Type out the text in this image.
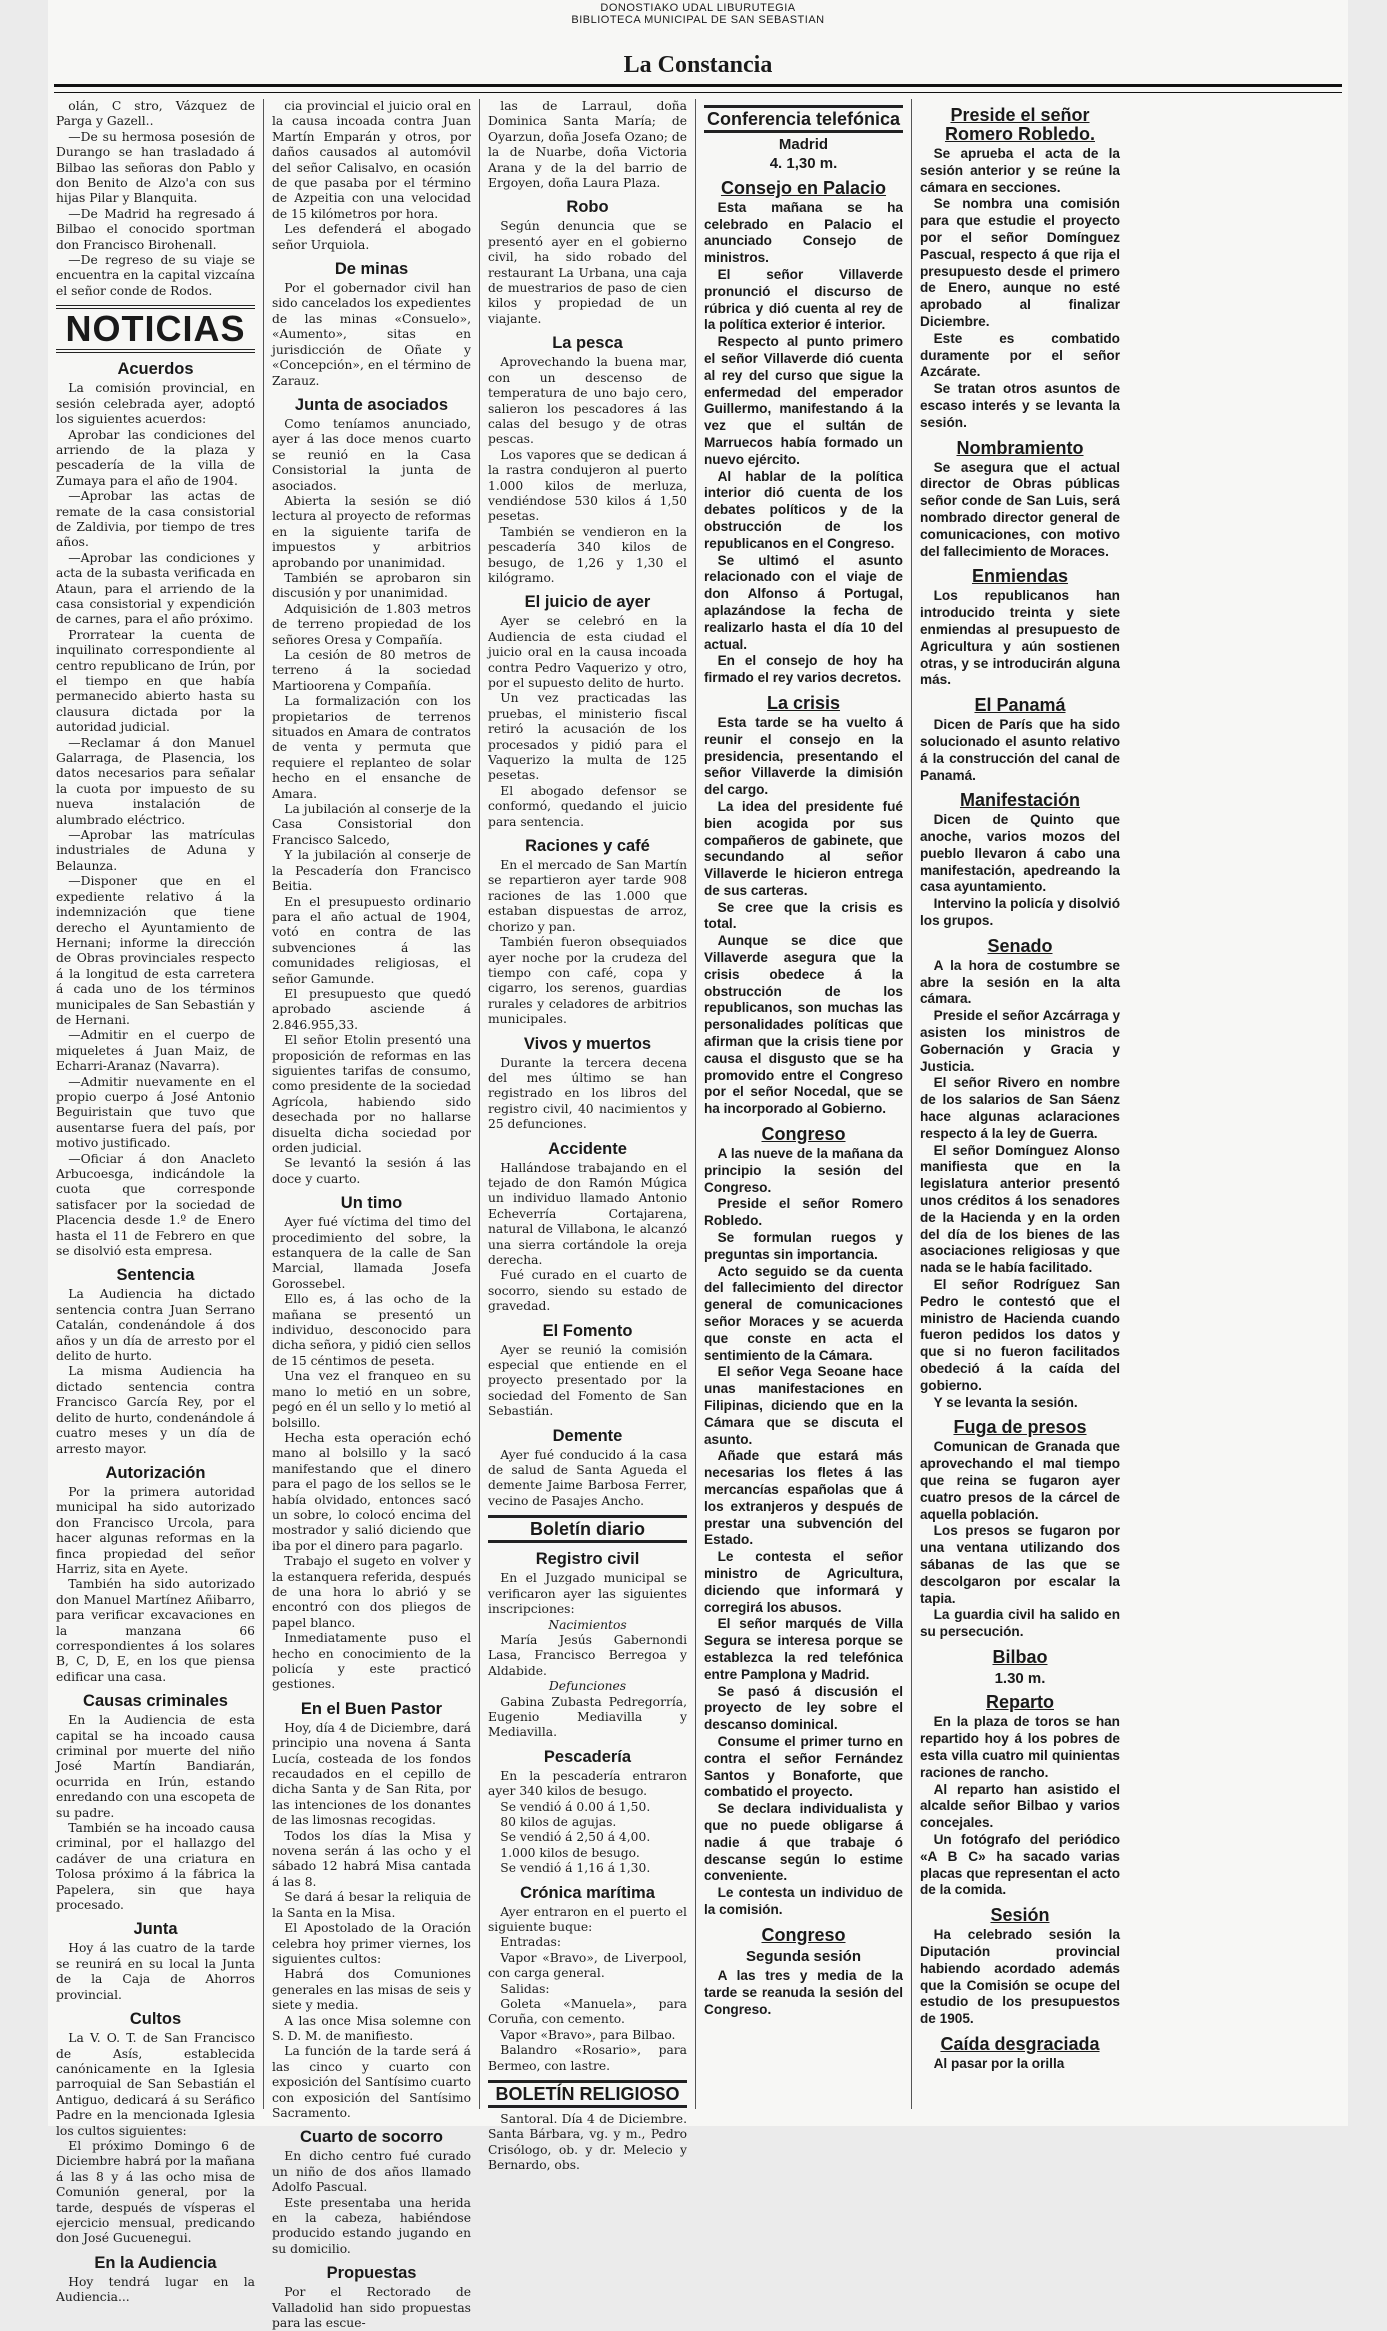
DONOSTIAKO UDAL LIBURUTEGIA
BIBLIOTECA MUNICIPAL DE SAN SEBASTIAN
La Constancia

olán, C stro, Vázquez de Parga y Gazell..

—De su hermosa posesión de Durango se han trasladado á Bilbao las señoras don Pablo y don Benito de Alzo'a con sus hijas Pilar y Blanquita.

—De Madrid ha regresado á Bilbao el conocido sportman don Francisco Birohenall.

—De regreso de su viaje se encuentra en la capital vizcaína el señor conde de Rodos.

NOTICIAS
Acuerdos

La comisión provincial, en sesión celebrada ayer, adoptó los siguientes acuerdos:

Aprobar las condiciones del arriendo de la plaza y pescadería de la villa de Zumaya para el año de 1904.

—Aprobar las actas de remate de la casa consistorial de Zaldivia, por tiempo de tres años.

—Aprobar las condiciones y acta de la subasta verificada en Ataun, para el arriendo de la casa consistorial y expendición de carnes, para el año próximo.

Prorratear la cuenta de inquilinato correspondiente al centro republicano de Irún, por el tiempo en que había permanecido abierto hasta su clausura dictada por la autoridad judicial.

—Reclamar á don Manuel Galarraga, de Plasencia, los datos necesarios para señalar la cuota por impuesto de su nueva instalación de alumbrado eléctrico.

—Aprobar las matrículas industriales de Aduna y Belaunza.

—Disponer que en el expediente relativo á la indemnización que tiene derecho el Ayuntamiento de Hernani; informe la dirección de Obras provinciales respecto á la longitud de esta carretera á cada uno de los términos municipales de San Sebastián y de Hernani.

—Admitir en el cuerpo de miqueletes á Juan Maiz, de Echarri-Aranaz (Navarra).

—Admitir nuevamente en el propio cuerpo á José Antonio Beguiristain que tuvo que ausentarse fuera del país, por motivo justificado.

—Oficiar á don Anacleto Arbucoesga, indicándole la cuota que corresponde satisfacer por la sociedad de Placencia desde 1.º de Enero hasta el 11 de Febrero en que se disolvió esta empresa.

Sentencia

La Audiencia ha dictado sentencia contra Juan Serrano Catalán, condenándole á dos años y un día de arresto por el delito de hurto.

La misma Audiencia ha dictado sentencia contra Francisco García Rey, por el delito de hurto, condenándole á cuatro meses y un día de arresto mayor.

Autorización

Por la primera autoridad municipal ha sido autorizado don Francisco Urcola, para hacer algunas reformas en la finca propiedad del señor Harriz, sita en Ayete.

También ha sido autorizado don Manuel Martínez Añibarro, para verificar excavaciones en la manzana 66 correspondientes á los solares B, C, D, E, en los que piensa edificar una casa.

Causas criminales

En la Audiencia de esta capital se ha incoado causa criminal por muerte del niño José Martín Bandiarán, ocurrida en Irún, estando enredando con una escopeta de su padre.

También se ha incoado causa criminal, por el hallazgo del cadáver de una criatura en Tolosa próximo á la fábrica la Papelera, sin que haya procesado.

Junta

Hoy á las cuatro de la tarde se reunirá en su local la Junta de la Caja de Ahorros provincial.

Cultos

La V. O. T. de San Francisco de Asís, establecida canónicamente en la Iglesia parroquial de San Sebastián el Antiguo, dedicará á su Seráfico Padre en la mencionada Iglesia los cultos siguientes:

El próximo Domingo 6 de Diciembre habrá por la mañana á las 8 y á las ocho misa de Comunión general, por la tarde, después de vísperas el ejercicio mensual, predicando don José Gucuenegui.

En la Audiencia

Hoy tendrá lugar en la Audiencia...

cia provincial el juicio oral en la causa incoada contra Juan Martín Emparán y otros, por daños causados al automóvil del señor Calisalvo, en ocasión de que pasaba por el término de Azpeitia con una velocidad de 15 kilómetros por hora.

Les defenderá el abogado señor Urquiola.

De minas

Por el gobernador civil han sido cancelados los expedientes de las minas «Consuelo», «Aumento», sitas en jurisdicción de Oñate y «Concepción», en el término de Zarauz.

Junta de asociados

Como teníamos anunciado, ayer á las doce menos cuarto se reunió en la Casa Consistorial la junta de asociados.

Abierta la sesión se dió lectura al proyecto de reformas en la siguiente tarifa de impuestos y arbitrios aprobando por unanimidad.

También se aprobaron sin discusión y por unanimidad.

Adquisición de 1.803 metros de terreno propiedad de los señores Oresa y Compañía.

La cesión de 80 metros de terreno á la sociedad Martioorena y Compañía.

La formalización con los propietarios de terrenos situados en Amara de contratos de venta y permuta que requiere el replanteo de solar hecho en el ensanche de Amara.

La jubilación al conserje de la Casa Consistorial don Francisco Salcedo,

Y la jubilación al conserje de la Pescadería don Francisco Beitia.

En el presupuesto ordinario para el año actual de 1904, votó en contra de las subvenciones á las comunidades religiosas, el señor Gamunde.

El presupuesto que quedó aprobado asciende á 2.846.955,33.

El señor Etolin presentó una proposición de reformas en las siguientes tarifas de consumo, como presidente de la sociedad Agrícola, habiendo sido desechada por no hallarse disuelta dicha sociedad por orden judicial.

Se levantó la sesión á las doce y cuarto.

Un timo

Ayer fué víctima del timo del procedimiento del sobre, la estanquera de la calle de San Marcial, llamada Josefa Gorossebel.

Ello es, á las ocho de la mañana se presentó un individuo, desconocido para dicha señora, y pidió cien sellos de 15 céntimos de peseta.

Una vez el franqueo en su mano lo metió en un sobre, pegó en él un sello y lo metió al bolsillo.

Hecha esta operación echó mano al bolsillo y la sacó manifestando que el dinero para el pago de los sellos se le había olvidado, entonces sacó un sobre, lo colocó encima del mostrador y salió diciendo que iba por el dinero para pagarlo.

Trabajo el sugeto en volver y la estanquera referida, después de una hora lo abrió y se encontró con dos pliegos de papel blanco.

Inmediatamente puso el hecho en conocimiento de la policía y este practicó gestiones.

En el Buen Pastor

Hoy, día 4 de Diciembre, dará principio una novena á Santa Lucía, costeada de los fondos recaudados en el cepillo de dicha Santa y de San Rita, por las intenciones de los donantes de las limosnas recogidas.

Todos los días la Misa y novena serán á las ocho y el sábado 12 habrá Misa cantada á las 8.

Se dará á besar la reliquia de la Santa en la Misa.

El Apostolado de la Oración celebra hoy primer viernes, los siguientes cultos:

Habrá dos Comuniones generales en las misas de seis y siete y media.

A las once Misa solemne con S. D. M. de manifiesto.

La función de la tarde será á las cinco y cuarto con exposición del Santísimo cuarto con exposición del Santísimo Sacramento.

Cuarto de socorro

En dicho centro fué curado un niño de dos años llamado Adolfo Pascual.

Este presentaba una herida en la cabeza, habiéndose producido estando jugando en su domicilio.

Propuestas

Por el Rectorado de Valladolid han sido propuestas para las escue-

las de Larraul, doña Dominica Santa María; de Oyarzun, doña Josefa Ozano; de la de Nuarbe, doña Victoria Arana y de la del barrio de Ergoyen, doña Laura Plaza.

Robo

Según denuncia que se presentó ayer en el gobierno civil, ha sido robado del restaurant La Urbana, una caja de muestrarios de paso de cien kilos y propiedad de un viajante.

La pesca

Aprovechando la buena mar, con un descenso de temperatura de uno bajo cero, salieron los pescadores á las calas del besugo y de otras pescas.

Los vapores que se dedican á la rastra condujeron al puerto 1.000 kilos de merluza, vendiéndose 530 kilos á 1,50 pesetas.

También se vendieron en la pescadería 340 kilos de besugo, de 1,26 y 1,30 el kilógramo.

El juicio de ayer

Ayer se celebró en la Audiencia de esta ciudad el juicio oral en la causa incoada contra Pedro Vaquerizo y otro, por el supuesto delito de hurto.

Un vez practicadas las pruebas, el ministerio fiscal retiró la acusación de los procesados y pidió para el Vaquerizo la multa de 125 pesetas.

El abogado defensor se conformó, quedando el juicio para sentencia.

Raciones y café

En el mercado de San Martín se repartieron ayer tarde 908 raciones de las 1.000 que estaban dispuestas de arroz, chorizo y pan.

También fueron obsequiados ayer noche por la crudeza del tiempo con café, copa y cigarro, los serenos, guardias rurales y celadores de arbitrios municipales.

Vivos y muertos

Durante la tercera decena del mes último se han registrado en los libros del registro civil, 40 nacimientos y 25 defunciones.

Accidente

Hallándose trabajando en el tejado de don Ramón Múgica un individuo llamado Antonio Echeverría Cortajarena, natural de Villabona, le alcanzó una sierra cortándole la oreja derecha.

Fué curado en el cuarto de socorro, siendo su estado de gravedad.

El Fomento

Ayer se reunió la comisión especial que entiende en el proyecto presentado por la sociedad del Fomento de San Sebastián.

Demente

Ayer fué conducido á la casa de salud de Santa Agueda el demente Jaime Barbosa Ferrer, vecino de Pasajes Ancho.

Boletín diario
Registro civil

En el Juzgado municipal se verificaron ayer las siguientes inscripciones:

Nacimientos

María Jesús Gabernondi Lasa, Francisco Berregoa y Aldabide.

Defunciones

Gabina Zubasta Pedregorría, Eugenio Mediavilla y Mediavilla.

Pescadería

En la pescadería entraron ayer 340 kilos de besugo.

Se vendió á 0.00 á 1,50.

80 kilos de agujas.

Se vendió á 2,50 á 4,00.

1.000 kilos de besugo.

Se vendió á 1,16 á 1,30.

Crónica marítima

Ayer entraron en el puerto el siguiente buque:

Entradas:

Vapor «Bravo», de Liverpool, con carga general.

Salidas:

Goleta «Manuela», para Coruña, con cemento.

Vapor «Bravo», para Bilbao.

Balandro «Rosario», para Bermeo, con lastre.

BOLETÍN RELIGIOSO

Santoral. Día 4 de Diciembre. Santa Bárbara, vg. y m., Pedro Crisólogo, ob. y dr. Melecio y Bernardo, obs.

Conferencia telefónica
Madrid
4. 1,30 m.
Consejo en Palacio

Esta mañana se ha celebrado en Palacio el anunciado Consejo de ministros.

El señor Villaverde pronunció el discurso de rúbrica y dió cuenta al rey de la política exterior é interior.

Respecto al punto primero el señor Villaverde dió cuenta al rey del curso que sigue la enfermedad del emperador Guillermo, manifestando á la vez que el sultán de Marruecos había formado un nuevo ejército.

Al hablar de la política interior dió cuenta de los debates políticos y de la obstrucción de los republicanos en el Congreso.

Se ultimó el asunto relacionado con el viaje de don Alfonso á Portugal, aplazándose la fecha de realizarlo hasta el día 10 del actual.

En el consejo de hoy ha firmado el rey varios decretos.

La crisis

Esta tarde se ha vuelto á reunir el consejo en la presidencia, presentando el señor Villaverde la dimisión del cargo.

La idea del presidente fué bien acogida por sus compañeros de gabinete, que secundando al señor Villaverde le hicieron entrega de sus carteras.

Se cree que la crisis es total.

Aunque se dice que Villaverde asegura que la crisis obedece á la obstrucción de los republicanos, son muchas las personalidades políticas que afirman que la crisis tiene por causa el disgusto que se ha promovido entre el Congreso por el señor Nocedal, que se ha incorporado al Gobierno.

Congreso

A las nueve de la mañana da principio la sesión del Congreso.

Preside el señor Romero Robledo.

Se formulan ruegos y preguntas sin importancia.

Acto seguido se da cuenta del fallecimiento del director general de comunicaciones señor Moraces y se acuerda que conste en acta el sentimiento de la Cámara.

El señor Vega Seoane hace unas manifestaciones en Filipinas, diciendo que en la Cámara que se discuta el asunto.

Añade que estará más necesarias los fletes á las mercancías españolas que á los extranjeros y después de prestar una subvención del Estado.

Le contesta el señor ministro de Agricultura, diciendo que informará y corregirá los abusos.

El señor marqués de Villa Segura se interesa porque se establezca la red telefónica entre Pamplona y Madrid.

Se pasó á discusión el proyecto de ley sobre el descanso dominical.

Consume el primer turno en contra el señor Fernández Santos y Bonaforte, que combatido el proyecto.

Se declara individualista y que no puede obligarse á nadie á que trabaje ó descanse según lo estime conveniente.

Le contesta un individuo de la comisión.

Congreso
Segunda sesión

A las tres y media de la tarde se reanuda la sesión del Congreso.

Preside el señor Romero Robledo.

Se aprueba el acta de la sesión anterior y se reúne la cámara en secciones.

Se nombra una comisión para que estudie el proyecto por el señor Domínguez Pascual, respecto á que rija el presupuesto desde el primero de Enero, aunque no esté aprobado al finalizar Diciembre.

Este es combatido duramente por el señor Azcárate.

Se tratan otros asuntos de escaso interés y se levanta la sesión.

Nombramiento

Se asegura que el actual director de Obras públicas señor conde de San Luis, será nombrado director general de comunicaciones, con motivo del fallecimiento de Moraces.

Enmiendas

Los republicanos han introducido treinta y siete enmiendas al presupuesto de Agricultura y aún sostienen otras, y se introducirán alguna más.

El Panamá

Dicen de París que ha sido solucionado el asunto relativo á la construcción del canal de Panamá.

Manifestación

Dicen de Quinto que anoche, varios mozos del pueblo llevaron á cabo una manifestación, apedreando la casa ayuntamiento.

Intervino la policía y disolvió los grupos.

Senado

A la hora de costumbre se abre la sesión en la alta cámara.

Preside el señor Azcárraga y asisten los ministros de Gobernación y Gracia y Justicia.

El señor Rivero en nombre de los salarios de San Sáenz hace algunas aclaraciones respecto á la ley de Guerra.

El señor Domínguez Alonso manifiesta que en la legislatura anterior presentó unos créditos á los senadores de la Hacienda y en la orden del día de los bienes de las asociaciones religiosas y que nada se le había facilitado.

El señor Rodríguez San Pedro le contestó que el ministro de Hacienda cuando fueron pedidos los datos y que si no fueron facilitados obedeció á la caída del gobierno.

Y se levanta la sesión.

Fuga de presos

Comunican de Granada que aprovechando el mal tiempo que reina se fugaron ayer cuatro presos de la cárcel de aquella población.

Los presos se fugaron por una ventana utilizando dos sábanas de las que se descolgaron por escalar la tapia.

La guardia civil ha salido en su persecución.

Bilbao
1.30 m.
Reparto

En la plaza de toros se han repartido hoy á los pobres de esta villa cuatro mil quinientas raciones de rancho.

Al reparto han asistido el alcalde señor Bilbao y varios concejales.

Un fotógrafo del periódico «A B C» ha sacado varias placas que representan el acto de la comida.

Sesión

Ha celebrado sesión la Diputación provincial habiendo acordado además que la Comisión se ocupe del estudio de los presupuestos de 1905.

Caída desgraciada

Al pasar por la orilla
